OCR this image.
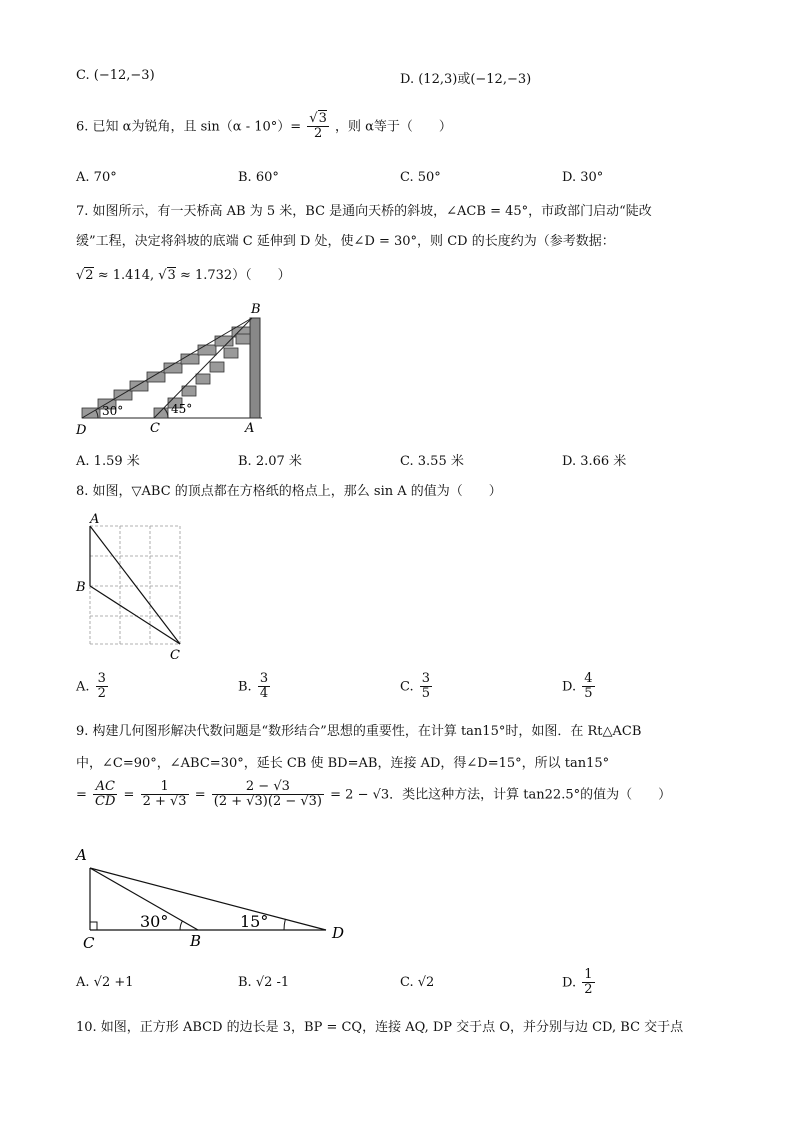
C. (−12,−3)	D. (12,3)或(−12,−3)
6. 已知 α为锐角，且 $\sin(\alpha - 10^\circ)= \frac{√3}{2}$ ，则 α等于（　　）
A. 70°	B. 60°	C. 50°	D. 30°
7. 如图所示，有一天桥高 AB 为 5 米，BC 是通向天桥的斜坡，∠ACB = 45°，市政部门启动“陡改
缓”工程，决定将斜坡的底端 C 延伸到 D 处，使∠D = 30°，则 CD 的长度约为（参考数据：
√2 ≈ 1.414, √3 ≈ 1.732）（　　）
30°	45°
B
D	C	A
A. 1.59 米	B. 2.07 米	C. 3.55 米	D. 3.66 米
8. 如图，▽ABC 的顶点都在方格纸的格点上，那么 sin A 的值为（　　）
A
B
C
A. $\frac{3}{2}$	B. $\frac{3}{4}$	C. $\frac{3}{5}$	D. $\frac{4}{5}$
9. 构建几何图形解决代数问题是“数形结合”思想的重要性，在计算 tan15°时，如图．在 Rt△ACB
中，∠C=90°，∠ABC=30°，延长 CB 使 BD=AB，连接 AD，得∠D=15°，所以 tan15°
= $\frac{AC}{CD} = \frac{1}{2 + √3} = \frac{2 - √3}{(2 + √3)(2 - √3)} = 2 - √3$．类比这种方法，计算 tan22.5°的值为（　　）
30°	15°
A
C	B	D
A. √2 +1	B. √2 -1	C. √2	D. $\frac{1}{2}$
10. 如图，正方形 ABCD 的边长是 3，BP = CQ，连接 AQ, DP 交于点 O，并分别与边 CD, BC 交于点
